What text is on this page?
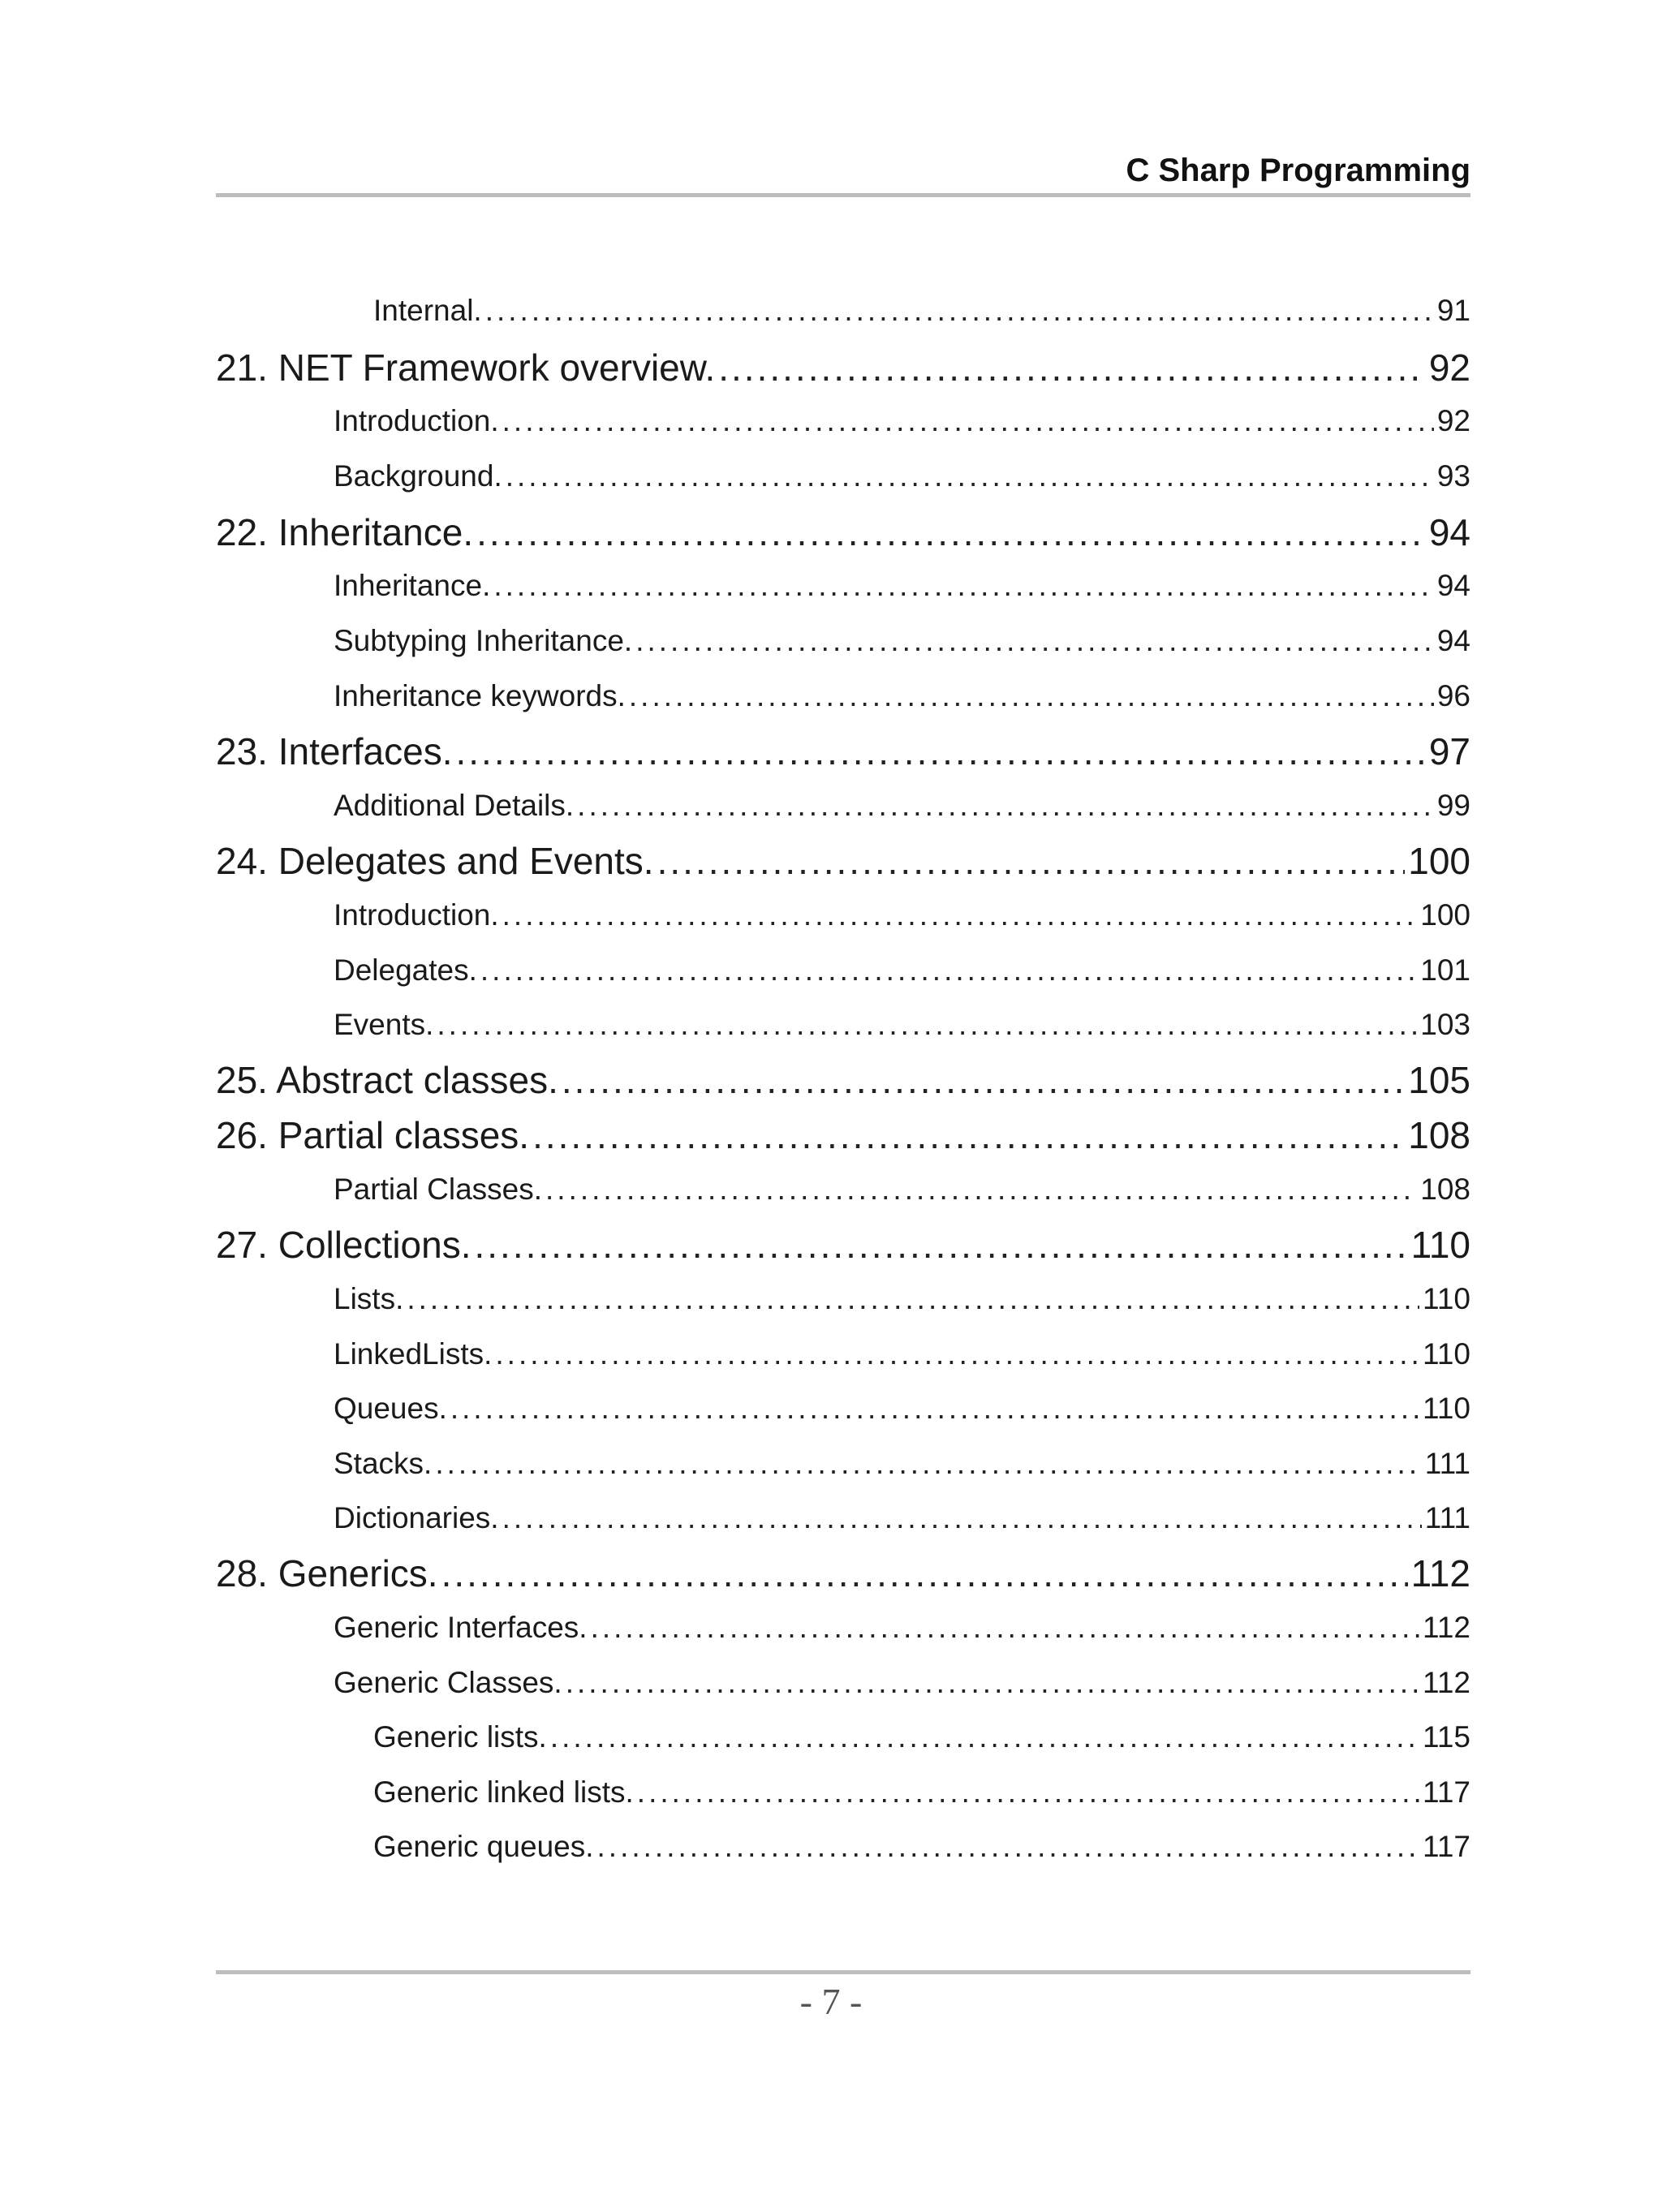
C Sharp Programming
Internal. .....	91
21. NET Framework overview. .....	92
Introduction. .....	92
Background. .....	93
22. Inheritance. .....	94
Inheritance. .....	94
Subtyping Inheritance. .....	94
Inheritance keywords. .....	96
23. Interfaces. .....	97
Additional Details. .....	99
24. Delegates and Events. .....	100
Introduction. .....	100
Delegates. .....	101
Events. .....	103
25. Abstract classes. .....	105
26. Partial classes. .....	108
Partial Classes. .....	108
27. Collections. .....	110
Lists. .....	110
LinkedLists. .....	110
Queues. .....	110
Stacks. .....	111
Dictionaries. .....	111
28. Generics. .....	112
Generic Interfaces. .....	112
Generic Classes. .....	112
Generic lists. .....	115
Generic linked lists. .....	117
Generic queues. .....	117
- 7 -
